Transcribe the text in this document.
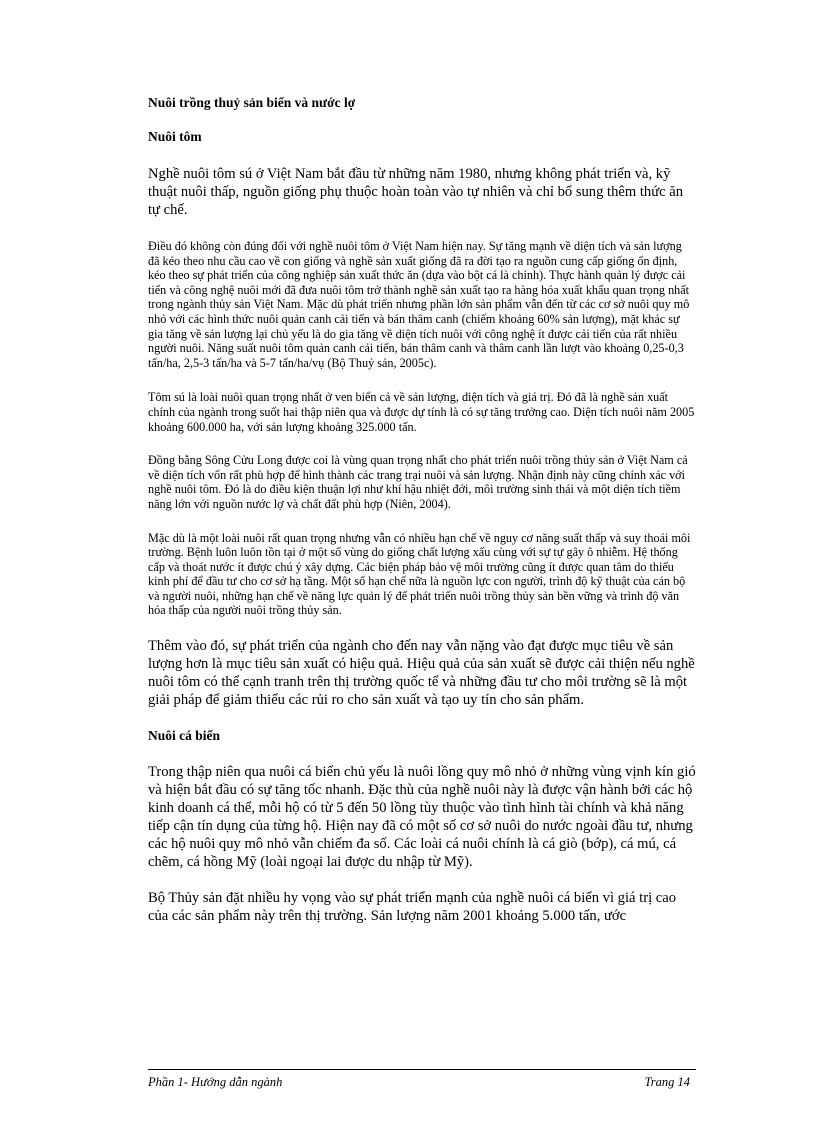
Nuôi trồng thuỷ sản biển và nước lợ
Nuôi tôm

Nghề nuôi tôm sú ở Việt Nam bắt đầu từ những năm 1980, nhưng không phát triển và, kỹ thuật nuôi thấp, nguồn giống phụ thuộc hoàn toàn vào tự nhiên và chỉ bổ sung thêm thức ăn tự chế.

Điều đó không còn đúng đối với nghề nuôi tôm ở Việt Nam hiện nay. Sự tăng mạnh về diện tích và sản lượng đã kéo theo nhu cầu cao về con giống và nghề sản xuất giống đã ra đời tạo ra nguồn cung cấp giống ổn định, kéo theo sự phát triển của công nghiệp sản xuất thức ăn (dựa vào bột cá là chính). Thực hành quản lý được cải tiến và công nghệ nuôi mới đã đưa nuôi tôm trở thành nghề sản xuất tạo ra hàng hóa xuất khẩu quan trọng nhất trong ngành thủy sản Việt Nam. Mặc dù phát triển nhưng phần lớn sản phẩm vẫn đến từ các cơ sở nuôi quy mô nhỏ với các hình thức nuôi quản canh cải tiến và bán thâm canh (chiếm khoảng 60% sản lượng), mặt khác sự gia tăng về sản lượng lại chủ yếu là do gia tăng về diện tích nuôi với công nghệ ít được cải tiến của rất nhiều người nuôi. Năng suất nuôi tôm quản canh cải tiến, bán thâm canh và thâm canh lần lượt vào khoảng 0,25-0,3 tấn/ha, 2,5-3 tấn/ha và 5-7 tấn/ha/vụ (Bộ Thuỷ sản, 2005c).

Tôm sú là loài nuôi quan trọng nhất ở ven biển cả về sản lượng, diện tích và giá trị. Đó đã là nghề sản xuất chính của ngành trong suốt hai thập niên qua và được dự tính là có sự tăng trưởng cao. Diện tích nuôi năm 2005 khoảng 600.000 ha, với sản lượng khoảng 325.000 tấn.

Đồng bằng Sông Cửu Long được coi là vùng quan trọng nhất cho phát triển nuôi trồng thủy sản ở Việt Nam cả về diện tích vốn rất phù hợp để hình thành các trang trại nuôi và sản lượng. Nhận định này cũng chính xác với nghề nuôi tôm. Đó là do điều kiện thuận lợi như khí hậu nhiệt đới, môi trường sinh thái và một diện tích tiềm năng lớn với nguồn nước lợ và chất đất phù hợp (Niên, 2004).

Mặc dù là một loài nuôi rất quan trọng nhưng vẫn có nhiều hạn chế về nguy cơ năng suất thấp và suy thoái môi trường. Bệnh luôn luôn tồn tại ở một số vùng do giống chất lượng xấu cùng với sự tự gây ô nhiễm. Hệ thống cấp và thoát nước ít được chú ý xây dựng. Các biện pháp bảo vệ môi trường cũng ít được quan tâm do thiếu kinh phí để đầu tư cho cơ sở hạ tầng. Một số hạn chế nữa là nguồn lực con người, trình độ kỹ thuật của cán bộ và người nuôi, những hạn chế về năng lực quản lý để phát triển nuôi trồng thủy sản bền vững và trình độ văn hóa thấp của người nuôi trồng thủy sản.

Thêm vào đó, sự phát triển của ngành cho đến nay vẫn nặng vào đạt được mục tiêu về sản lượng hơn là mục tiêu sản xuất có hiệu quả. Hiệu quả của sản xuất sẽ được cải thiện nếu nghề nuôi tôm có thể cạnh tranh trên thị trường quốc tế và những đầu tư cho môi trường sẽ là một giải pháp để giảm thiểu các rủi ro cho sản xuất và tạo uy tín cho sản phẩm.

Nuôi cá biển

Trong thập niên qua nuôi cá biển chủ yếu là nuôi lồng quy mô nhỏ ở những vùng vịnh kín gió và hiện bắt đầu có sự tăng tốc nhanh. Đặc thù của nghề nuôi này là được vận hành bởi các hộ kinh doanh cá thể, mỗi hộ có từ 5 đến 50 lồng tùy thuộc vào tình hình tài chính và khả năng tiếp cận tín dụng của từng hộ. Hiện nay đã có một số cơ sở nuôi do nước ngoài đầu tư, nhưng các hộ nuôi quy mô nhỏ vẫn chiếm đa số. Các loài cá nuôi chính là cá giò (bớp), cá mú, cá chẽm, cá hồng Mỹ (loài ngoại lai được du nhập từ Mỹ).

Bộ Thủy sản đặt nhiều hy vọng vào sự phát triển mạnh của nghề nuôi cá biển vì giá trị cao của các sản phẩm này trên thị trường. Sản lượng năm 2001 khoảng 5.000 tấn, ước

Phần 1- Hướng dẫn ngành	Trang 14
